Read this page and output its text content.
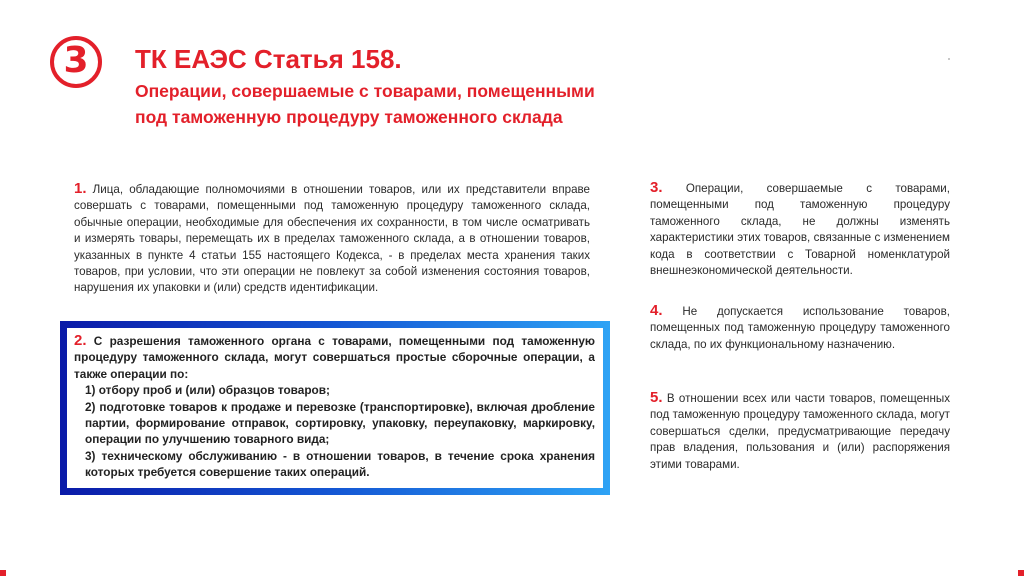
3 ТК ЕАЭС Статья 158.
Операции, совершаемые с товарами, помещенными
под таможенную процедуру таможенного склада

1. Лица, обладающие полномочиями в отношении товаров, или их представители вправе совершать с товарами, помещенными под таможенную процедуру таможенного склада, обычные операции, необходимые для обеспечения их сохранности, в том числе осматривать и измерять товары, перемещать их в пределах таможенного склада, а в отношении товаров, указанных в пункте 4 статьи 155 настоящего Кодекса, - в пределах места хранения таких товаров, при условии, что эти операции не повлекут за собой изменения состояния товаров, нарушения их упаковки и (или) средств идентификации.

2. С разрешения таможенного органа с товарами, помещенными под таможенную процедуру таможенного склада, могут совершаться простые сборочные операции, а также операции по:

1) отбору проб и (или) образцов товаров;

2) подготовке товаров к продаже и перевозке (транспортировке), включая дробление партии, формирование отправок, сортировку, упаковку, переупаковку, маркировку, операции по улучшению товарного вида;

3) техническому обслуживанию - в отношении товаров, в течение срока хранения которых требуется совершение таких операций.

3. Операции, совершаемые с товарами, помещенными под таможенную процедуру таможенного склада, не должны изменять характеристики этих товаров, связанные с изменением кода в соответствии с Товарной номенклатурой внешнеэкономической деятельности.

4. Не допускается использование товаров, помещенных под таможенную процедуру таможенного склада, по их функциональному назначению.

5. В отношении всех или части товаров, помещенных под таможенную процедуру таможенного склада, могут совершаться сделки, предусматривающие передачу прав владения, пользования и (или) распоряжения этими товарами.
